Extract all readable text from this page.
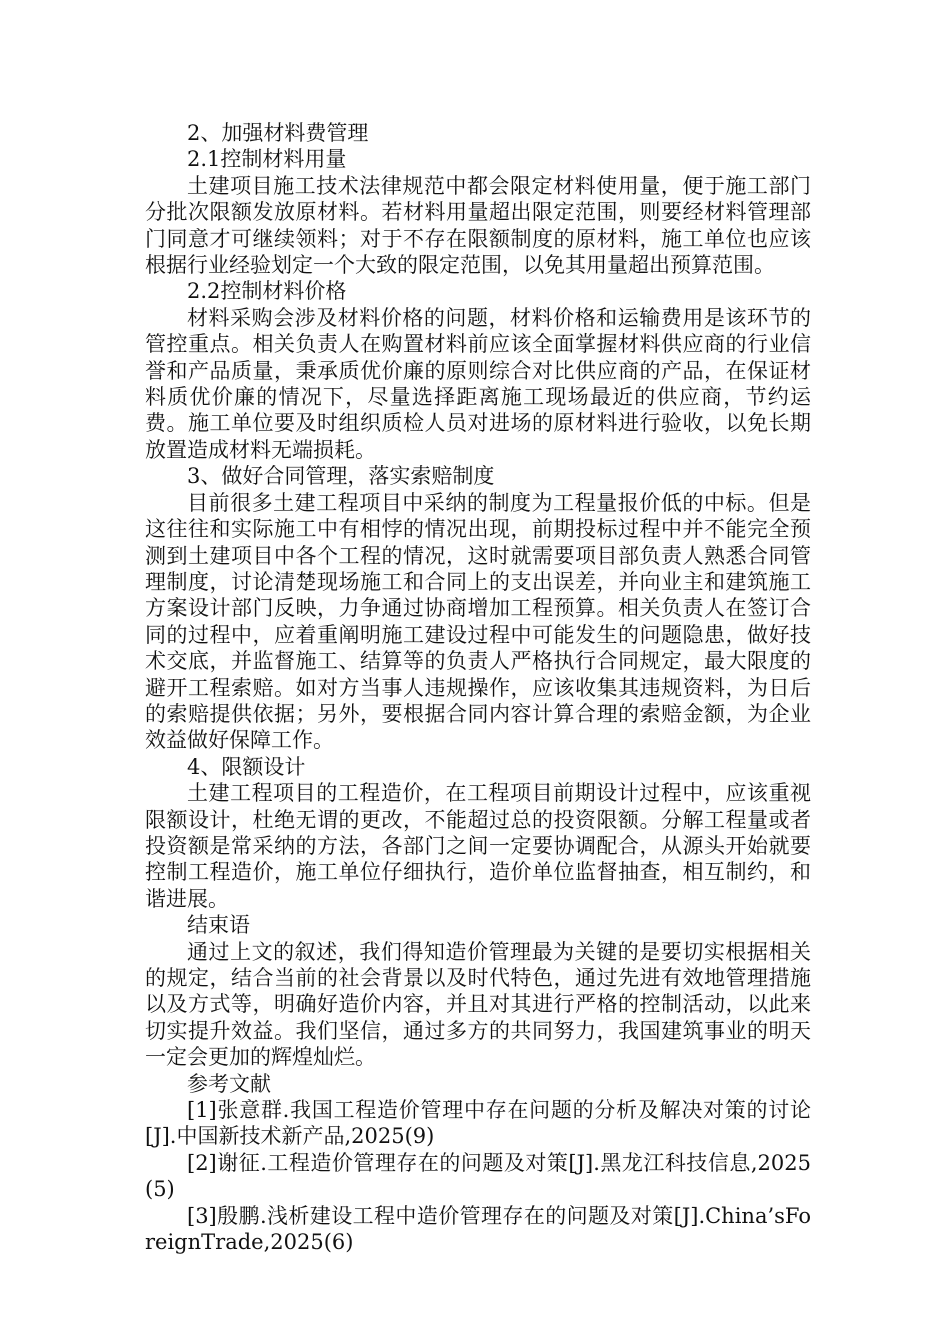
2、加强材料费管理

2.1控制材料用量

土建项目施工技术法律规范中都会限定材料使用量，便于施工部门分批次限额发放原材料。若材料用量超出限定范围，则要经材料管理部门同意才可继续领料；对于不存在限额制度的原材料，施工单位也应该根据行业经验划定一个大致的限定范围，以免其用量超出预算范围。

2.2控制材料价格

材料采购会涉及材料价格的问题，材料价格和运输费用是该环节的管控重点。相关负责人在购置材料前应该全面掌握材料供应商的行业信誉和产品质量，秉承质优价廉的原则综合对比供应商的产品，在保证材料质优价廉的情况下，尽量选择距离施工现场最近的供应商，节约运费。施工单位要及时组织质检人员对进场的原材料进行验收，以免长期放置造成材料无端损耗。

3、做好合同管理，落实索赔制度

目前很多土建工程项目中采纳的制度为工程量报价低的中标。但是这往往和实际施工中有相悖的情况出现，前期投标过程中并不能完全预测到土建项目中各个工程的情况，这时就需要项目部负责人熟悉合同管理制度，讨论清楚现场施工和合同上的支出误差，并向业主和建筑施工方案设计部门反映，力争通过协商增加工程预算。相关负责人在签订合同的过程中，应着重阐明施工建设过程中可能发生的问题隐患，做好技术交底，并监督施工、结算等的负责人严格执行合同规定，最大限度的避开工程索赔。如对方当事人违规操作，应该收集其违规资料，为日后的索赔提供依据；另外，要根据合同内容计算合理的索赔金额，为企业效益做好保障工作。

4、限额设计

土建工程项目的工程造价，在工程项目前期设计过程中，应该重视限额设计，杜绝无谓的更改，不能超过总的投资限额。分解工程量或者投资额是常采纳的方法，各部门之间一定要协调配合，从源头开始就要控制工程造价，施工单位仔细执行，造价单位监督抽查，相互制约，和谐进展。

结束语

通过上文的叙述，我们得知造价管理最为关键的是要切实根据相关的规定，结合当前的社会背景以及时代特色，通过先进有效地管理措施以及方式等，明确好造价内容，并且对其进行严格的控制活动，以此来切实提升效益。我们坚信，通过多方的共同努力，我国建筑事业的明天一定会更加的辉煌灿烂。

参考文献

[1]张意群.我国工程造价管理中存在问题的分析及解决对策的讨论[J].中国新技术新产品,2025(9)

[2]谢征.工程造价管理存在的问题及对策[J].黑龙江科技信息,2025(5)

[3]殷鹏.浅析建设工程中造价管理存在的问题及对策[J].China’sForeignTrade,2025(6)
